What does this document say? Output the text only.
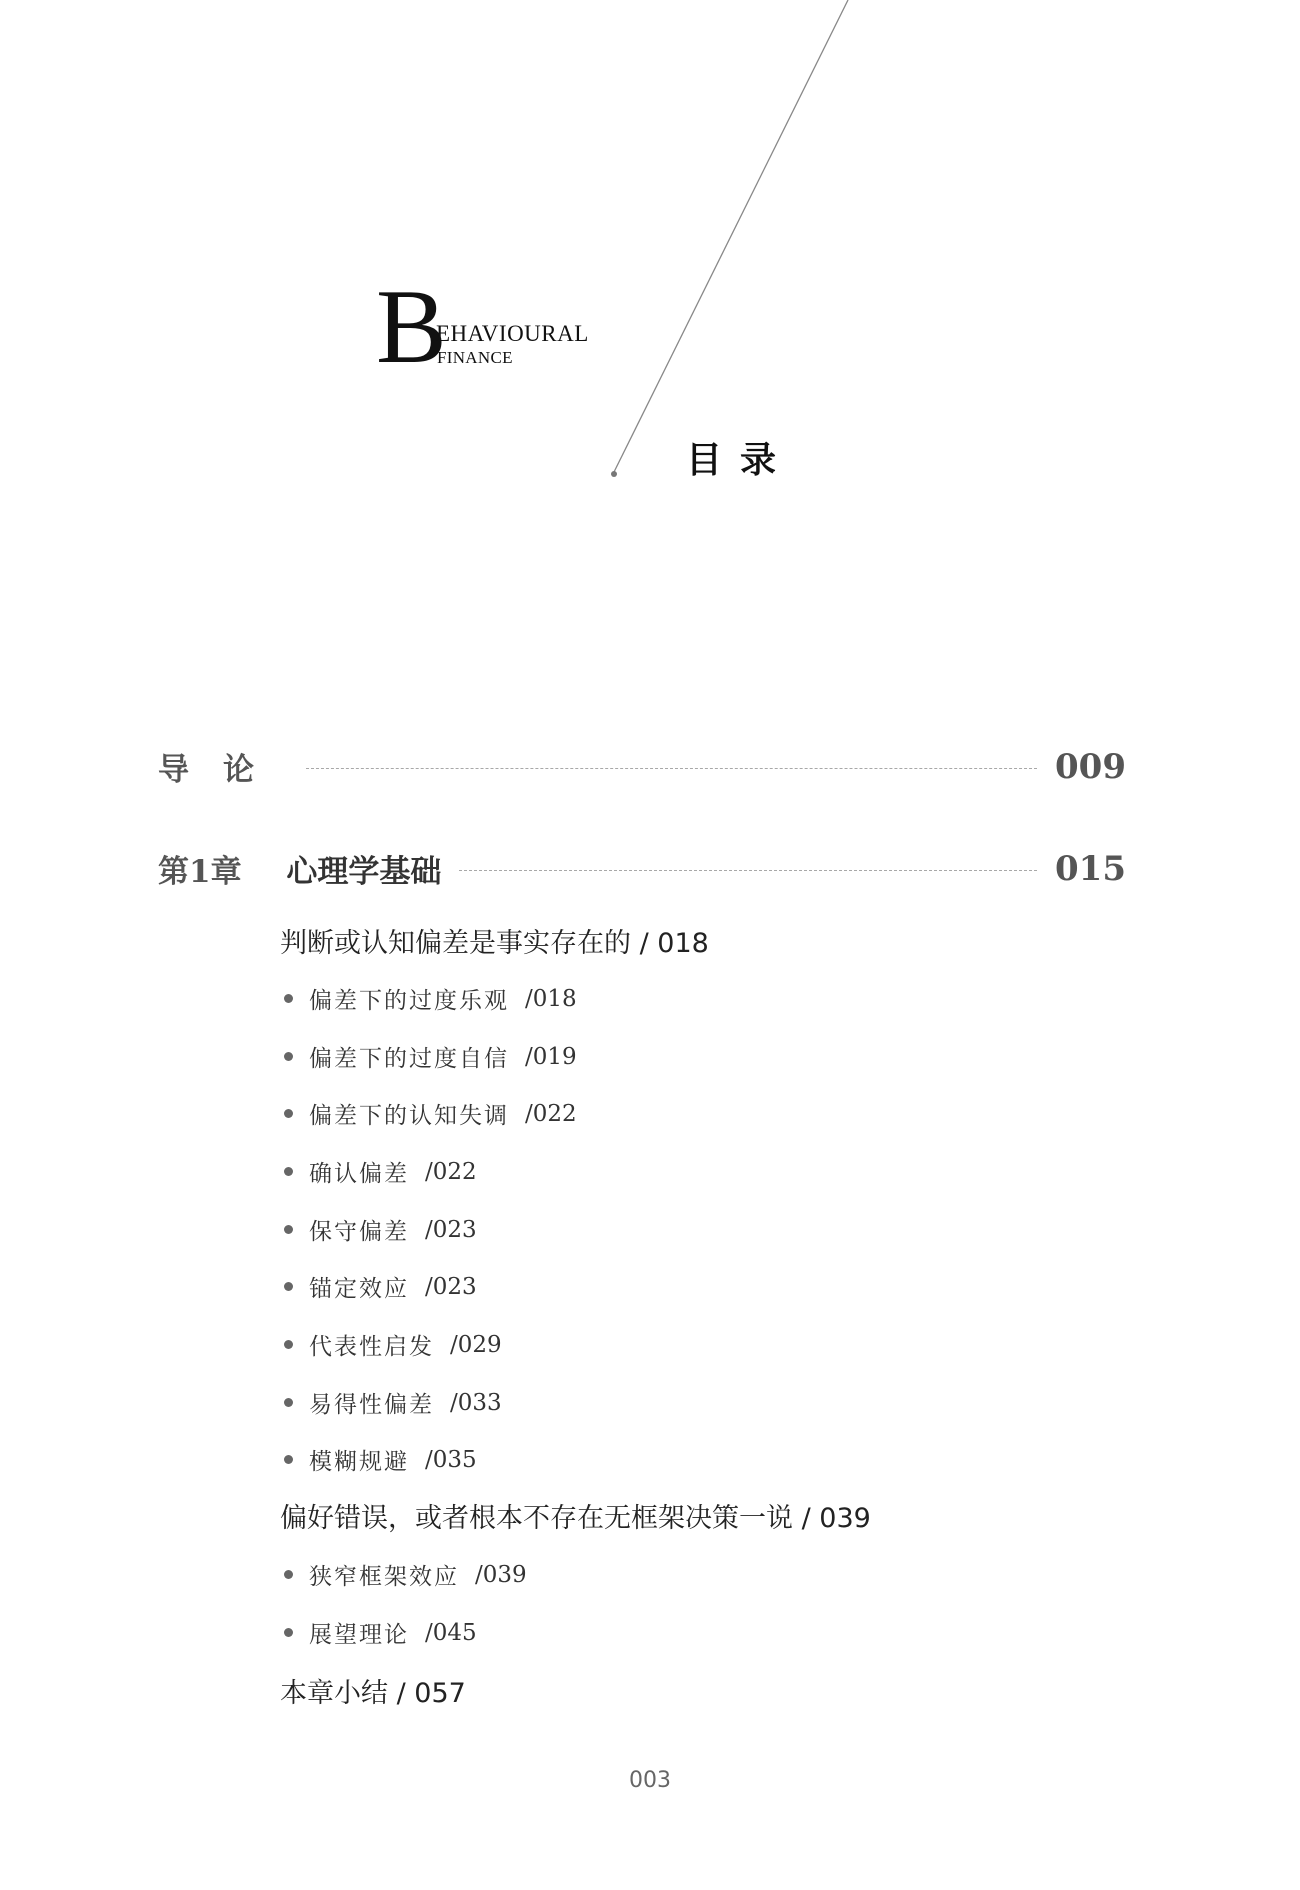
B
EHAVIOURAL
FINANCE
目录
导论	009
第1章 心理学基础	015
判断或认知偏差是事实存在的 / 018
偏差下的过度乐观 /018
偏差下的过度自信 /019
偏差下的认知失调 /022
确认偏差 /022
保守偏差 /023
锚定效应 /023
代表性启发 /029
易得性偏差 /033
模糊规避 /035
偏好错误，或者根本不存在无框架决策一说 / 039
狭窄框架效应 /039
展望理论 /045
本章小结 / 057
003
